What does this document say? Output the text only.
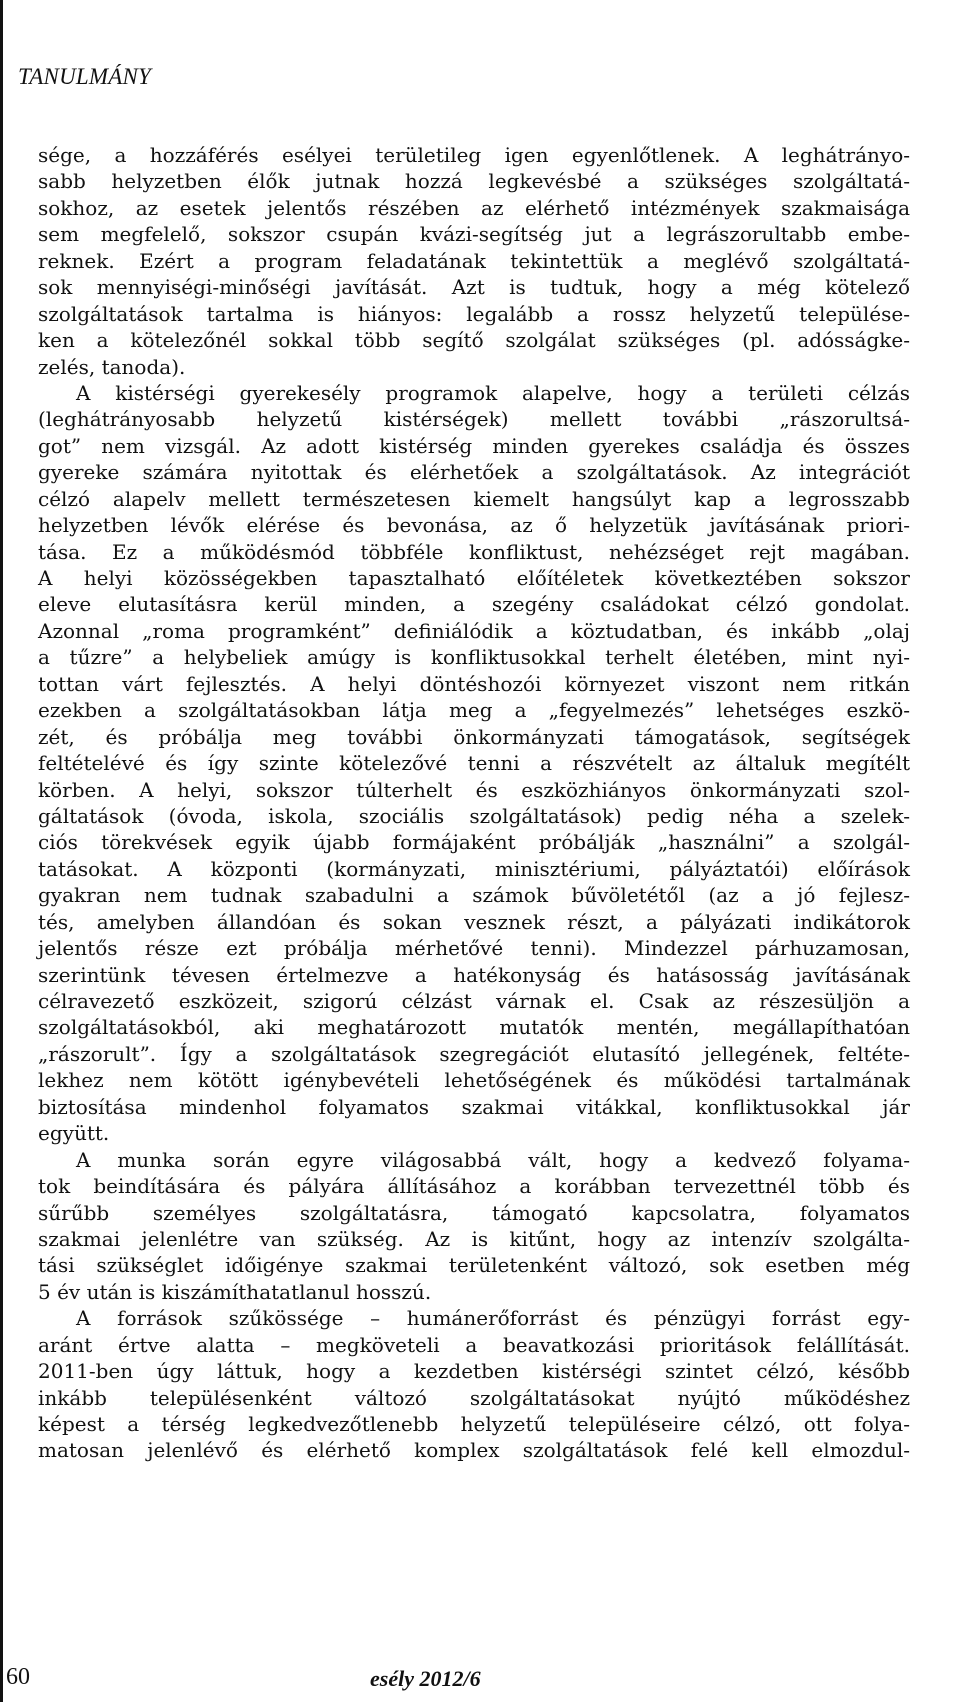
TANULMÁNY
sége, a hozzáférés esélyei területileg igen egyenlőtlenek. A leghátrányo-
sabb helyzetben élők jutnak hozzá legkevésbé a szükséges szolgáltatá-
sokhoz, az esetek jelentős részében az elérhető intézmények szakmaisága
sem megfelelő, sokszor csupán kvázi-segítség jut a legrászorultabb embe-
reknek. Ezért a program feladatának tekintettük a meglévő szolgáltatá-
sok mennyiségi-minőségi javítását. Azt is tudtuk, hogy a még kötelező
szolgáltatások tartalma is hiányos: legalább a rossz helyzetű települése-
ken a kötelezőnél sokkal több segítő szolgálat szükséges (pl. adósságke-
zelés, tanoda).
A kistérségi gyerekesély programok alapelve, hogy a területi célzás
(leghátrányosabb helyzetű kistérségek) mellett további „rászorultsá-
got” nem vizsgál. Az adott kistérség minden gyerekes családja és összes
gyereke számára nyitottak és elérhetőek a szolgáltatások. Az integrációt
célzó alapelv mellett természetesen kiemelt hangsúlyt kap a legrosszabb
helyzetben lévők elérése és bevonása, az ő helyzetük javításának priori-
tása. Ez a működésmód többféle konfliktust, nehézséget rejt magában.
A helyi közösségekben tapasztalható előítéletek következtében sokszor
eleve elutasításra kerül minden, a szegény családokat célzó gondolat.
Azonnal „roma programként” definiálódik a köztudatban, és inkább „olaj
a tűzre” a helybeliek amúgy is konfliktusokkal terhelt életében, mint nyi-
tottan várt fejlesztés. A helyi döntéshozói környezet viszont nem ritkán
ezekben a szolgáltatásokban látja meg a „fegyelmezés” lehetséges eszkö-
zét, és próbálja meg további önkormányzati támogatások, segítségek
feltételévé és így szinte kötelezővé tenni a részvételt az általuk megítélt
körben. A helyi, sokszor túlterhelt és eszközhiányos önkormányzati szol-
gáltatások (óvoda, iskola, szociális szolgáltatások) pedig néha a szelek-
ciós törekvések egyik újabb formájaként próbálják „használni” a szolgál-
tatásokat. A központi (kormányzati, minisztériumi, pályáztatói) előírások
gyakran nem tudnak szabadulni a számok bűvöletétől (az a jó fejlesz-
tés, amelyben állandóan és sokan vesznek részt, a pályázati indikátorok
jelentős része ezt próbálja mérhetővé tenni). Mindezzel párhuzamosan,
szerintünk tévesen értelmezve a hatékonyság és hatásosság javításának
célravezető eszközeit, szigorú célzást várnak el. Csak az részesüljön a
szolgáltatásokból, aki meghatározott mutatók mentén, megállapíthatóan
„rászorult”. Így a szolgáltatások szegregációt elutasító jellegének, feltéte-
lekhez nem kötött igénybevételi lehetőségének és működési tartalmának
biztosítása mindenhol folyamatos szakmai vitákkal, konfliktusokkal jár
együtt.
A munka során egyre világosabbá vált, hogy a kedvező folyama-
tok beindítására és pályára állításához a korábban tervezettnél több és
sűrűbb személyes szolgáltatásra, támogató kapcsolatra, folyamatos
szakmai jelenlétre van szükség. Az is kitűnt, hogy az intenzív szolgálta-
tási szükséglet időigénye szakmai területenként változó, sok esetben még
5 év után is kiszámíthatatlanul hosszú.
A források szűkössége – humánerőforrást és pénzügyi forrást egy-
aránt értve alatta – megköveteli a beavatkozási prioritások felállítását.
2011-ben úgy láttuk, hogy a kezdetben kistérségi szintet célzó, később
inkább településenként változó szolgáltatásokat nyújtó működéshez
képest a térség legkedvezőtlenebb helyzetű településeire célzó, ott folya-
matosan jelenlévő és elérhető komplex szolgáltatások felé kell elmozdul-
60	esély 2012/6
